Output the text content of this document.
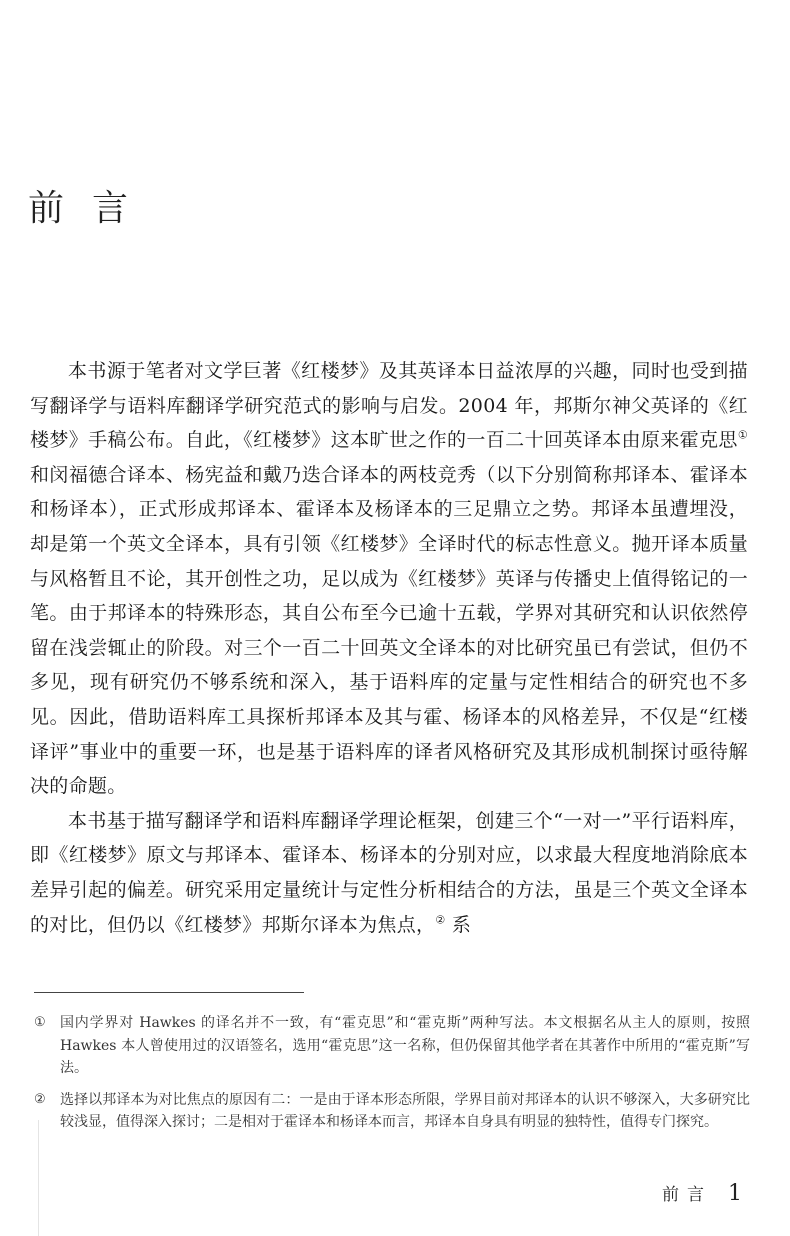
前言

本书源于笔者对文学巨著《红楼梦》及其英译本日益浓厚的兴趣，同时也受到描写翻译学与语料库翻译学研究范式的影响与启发。2004 年，邦斯尔神父英译的《红楼梦》手稿公布。自此，《红楼梦》这本旷世之作的一百二十回英译本由原来霍克思①和闵福德合译本、杨宪益和戴乃迭合译本的两枝竞秀（以下分别简称邦译本、霍译本和杨译本），正式形成邦译本、霍译本及杨译本的三足鼎立之势。邦译本虽遭埋没，却是第一个英文全译本，具有引领《红楼梦》全译时代的标志性意义。抛开译本质量与风格暂且不论，其开创性之功，足以成为《红楼梦》英译与传播史上值得铭记的一笔。由于邦译本的特殊形态，其自公布至今已逾十五载，学界对其研究和认识依然停留在浅尝辄止的阶段。对三个一百二十回英文全译本的对比研究虽已有尝试，但仍不多见，现有研究仍不够系统和深入，基于语料库的定量与定性相结合的研究也不多见。因此，借助语料库工具探析邦译本及其与霍、杨译本的风格差异，不仅是“红楼译评”事业中的重要一环，也是基于语料库的译者风格研究及其形成机制探讨亟待解决的命题。

本书基于描写翻译学和语料库翻译学理论框架，创建三个“一对一”平行语料库，即《红楼梦》原文与邦译本、霍译本、杨译本的分别对应，以求最大程度地消除底本差异引起的偏差。研究采用定量统计与定性分析相结合的方法，虽是三个英文全译本的对比，但仍以《红楼梦》邦斯尔译本为焦点，② 系

①	国内学界对 Hawkes 的译名并不一致，有“霍克思”和“霍克斯”两种写法。本文根据名从主人的原则，按照 Hawkes 本人曾使用过的汉语签名，选用“霍克思”这一名称，但仍保留其他学者在其著作中所用的“霍克斯”写法。
②	选择以邦译本为对比焦点的原因有二：一是由于译本形态所限，学界目前对邦译本的认识不够深入，大多研究比较浅显，值得深入探讨；二是相对于霍译本和杨译本而言，邦译本自身具有明显的独特性，值得专门探究。
前言 1
